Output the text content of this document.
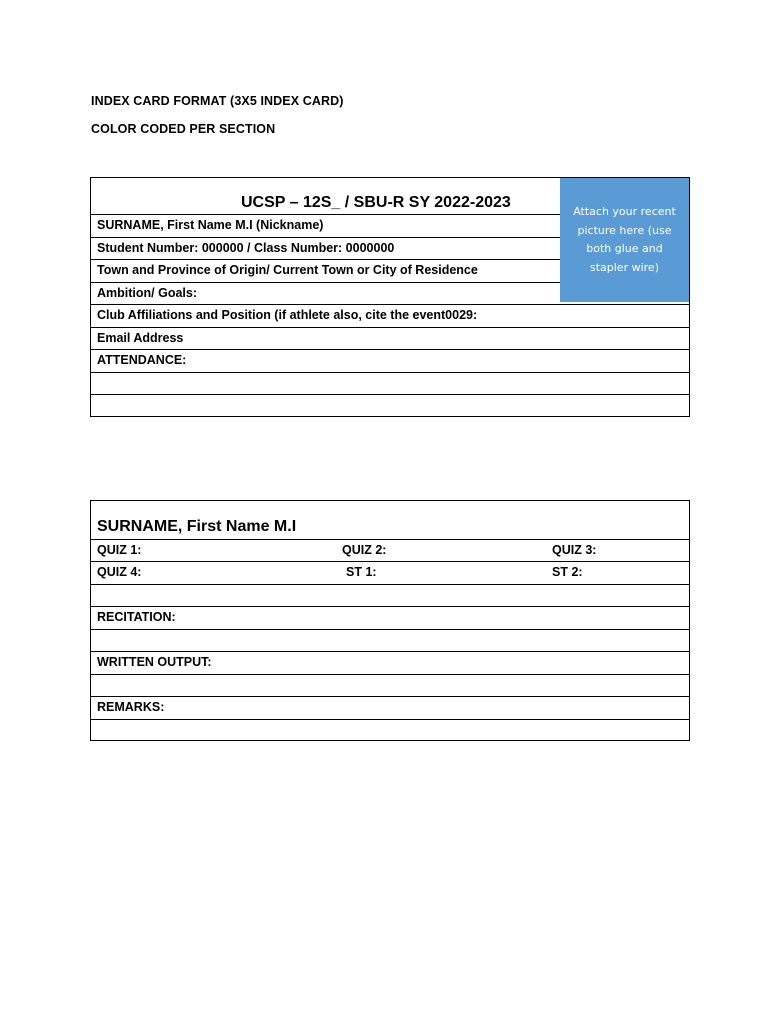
INDEX CARD FORMAT (3X5 INDEX CARD)
COLOR CODED PER SECTION
UCSP – 12S_ / SBU-R SY 2022-2023
Attach your recent
picture here (use
both glue and
stapler wire)
SURNAME, First Name M.I (Nickname)
Student Number: 000000 / Class Number: 0000000
Town and Province of Origin/ Current Town or City of Residence
Ambition/ Goals:
Club Affiliations and Position (if athlete also, cite the event0029:
Email Address
ATTENDANCE:
SURNAME, First Name M.I
QUIZ 1:	QUIZ 2:	QUIZ 3:
QUIZ 4:	ST 1:	ST 2:
RECITATION:
WRITTEN OUTPUT:
REMARKS:
